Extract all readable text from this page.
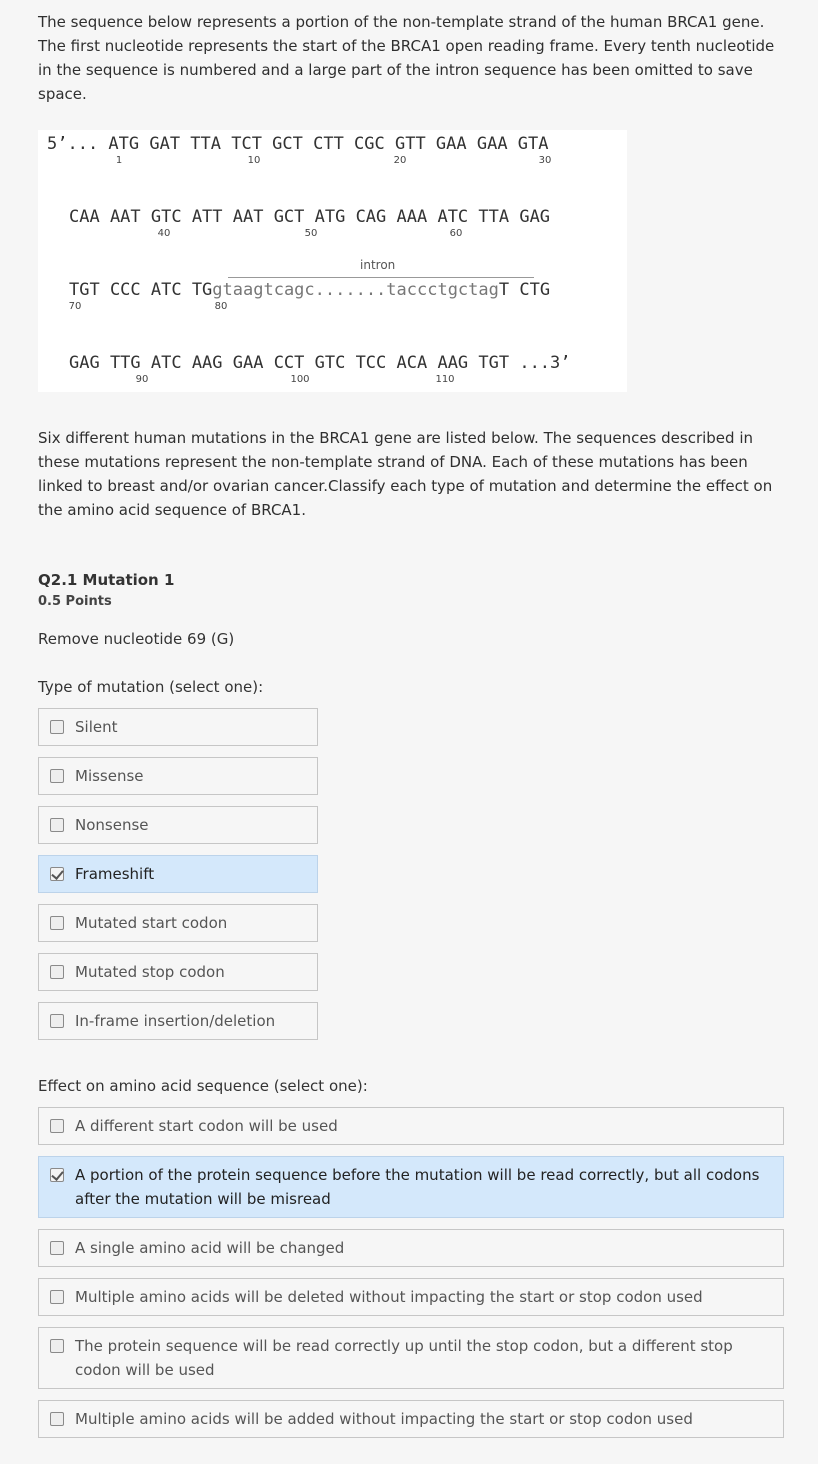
The sequence below represents a portion of the non-template strand of the human BRCA1 gene. The first nucleotide represents the start of the BRCA1 open reading frame. Every tenth nucleotide in the sequence is numbered and a large part of the intron sequence has been omitted to save space.
5’... ATG GAT TTA TCT GCT CTT CGC GTT GAA GAA GTA
1	10	20	30
CAA AAT GTC ATT AAT GCT ATG CAG AAA ATC TTA GAG
40	50	60
intron
TGT CCC ATC TGgtaagtcagc.......taccctgctagT CTG
70	80
GAG TTG ATC AAG GAA CCT GTC TCC ACA AAG TGT ...3’
90	100	110
Six different human mutations in the BRCA1 gene are listed below. The sequences described in these mutations represent the non-template strand of DNA. Each of these mutations has been linked to breast and/or ovarian cancer.Classify each type of mutation and determine the effect on the amino acid sequence of BRCA1.
Q2.1 Mutation 1
0.5 Points
Remove nucleotide 69 (G)
Type of mutation (select one):
Silent
Missense
Nonsense
Frameshift
Mutated start codon
Mutated stop codon
In-frame insertion/deletion
Effect on amino acid sequence (select one):
A different start codon will be used
A portion of the protein sequence before the mutation will be read correctly, but all codons after the mutation will be misread
A single amino acid will be changed
Multiple amino acids will be deleted without impacting the start or stop codon used
The protein sequence will be read correctly up until the stop codon, but a different stop codon will be used
Multiple amino acids will be added without impacting the start or stop codon used
